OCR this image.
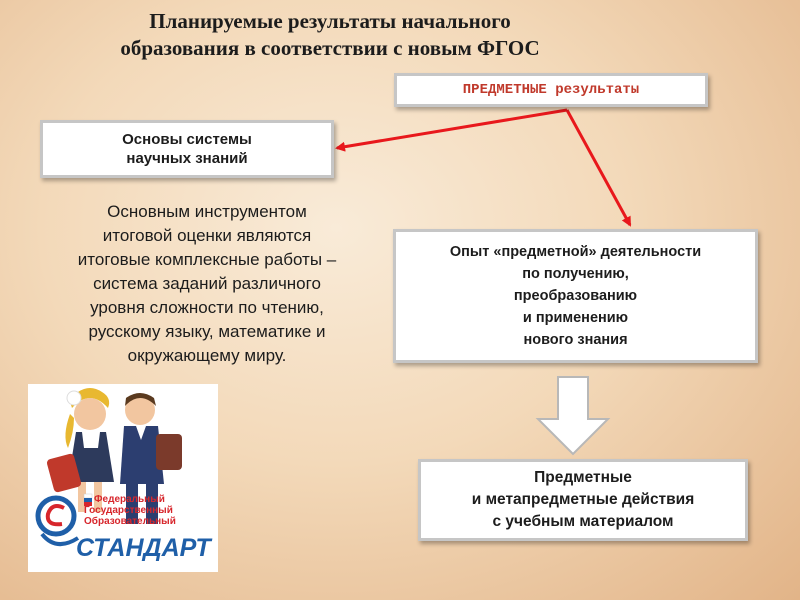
Планируемые результаты начального
образования в соответствии с новым ФГОС
ПРЕДМЕТНЫЕ результаты
Основы системы
научных знаний
Основным инструментом
итоговой оценки являются
итоговые комплексные работы –
система заданий различного
уровня сложности по чтению,
русскому языку, математике и
окружающему миру.
Опыт «предметной» деятельности
по получению,
преобразованию
и применению
нового знания
Предметные
и метапредметные действия
с учебным материалом
Федеральный
Государственный
Образовательный
СТАНДАРТ
